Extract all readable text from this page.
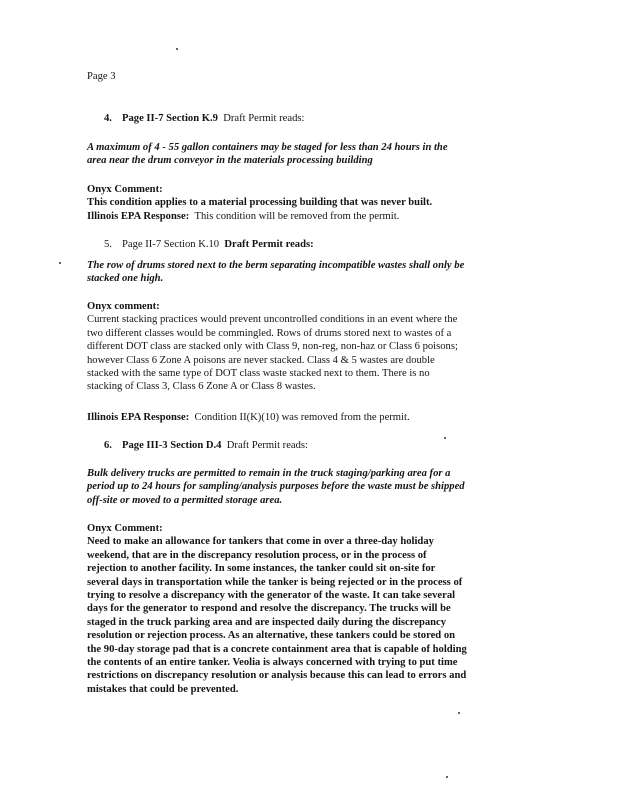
Page 3
4. Page II-7 Section K.9 Draft Permit reads:
A maximum of 4 - 55 gallon containers may be staged for less than 24 hours in the
area near the drum conveyor in the materials processing building
Onyx Comment:
This condition applies to a material processing building that was never built.
Illinois EPA Response: This condition will be removed from the permit.
5. Page II-7 Section K.10 Draft Permit reads:
The row of drums stored next to the berm separating incompatible wastes shall only be
stacked one high.
Onyx comment:
Current stacking practices would prevent uncontrolled conditions in an event where the
two different classes would be commingled. Rows of drums stored next to wastes of a
different DOT class are stacked only with Class 9, non-reg, non-haz or Class 6 poisons;
however Class 6 Zone A poisons are never stacked. Class 4 & 5 wastes are double
stacked with the same type of DOT class waste stacked next to them. There is no
stacking of Class 3, Class 6 Zone A or Class 8 wastes.
Illinois EPA Response: Condition II(K)(10) was removed from the permit.
6. Page III-3 Section D.4 Draft Permit reads:
Bulk delivery trucks are permitted to remain in the truck staging/parking area for a
period up to 24 hours for sampling/analysis purposes before the waste must be shipped
off-site or moved to a permitted storage area.
Onyx Comment:
Need to make an allowance for tankers that come in over a three-day holiday
weekend, that are in the discrepancy resolution process, or in the process of
rejection to another facility. In some instances, the tanker could sit on-site for
several days in transportation while the tanker is being rejected or in the process of
trying to resolve a discrepancy with the generator of the waste. It can take several
days for the generator to respond and resolve the discrepancy. The trucks will be
staged in the truck parking area and are inspected daily during the discrepancy
resolution or rejection process. As an alternative, these tankers could be stored on
the 90-day storage pad that is a concrete containment area that is capable of holding
the contents of an entire tanker. Veolia is always concerned with trying to put time
restrictions on discrepancy resolution or analysis because this can lead to errors and
mistakes that could be prevented.
